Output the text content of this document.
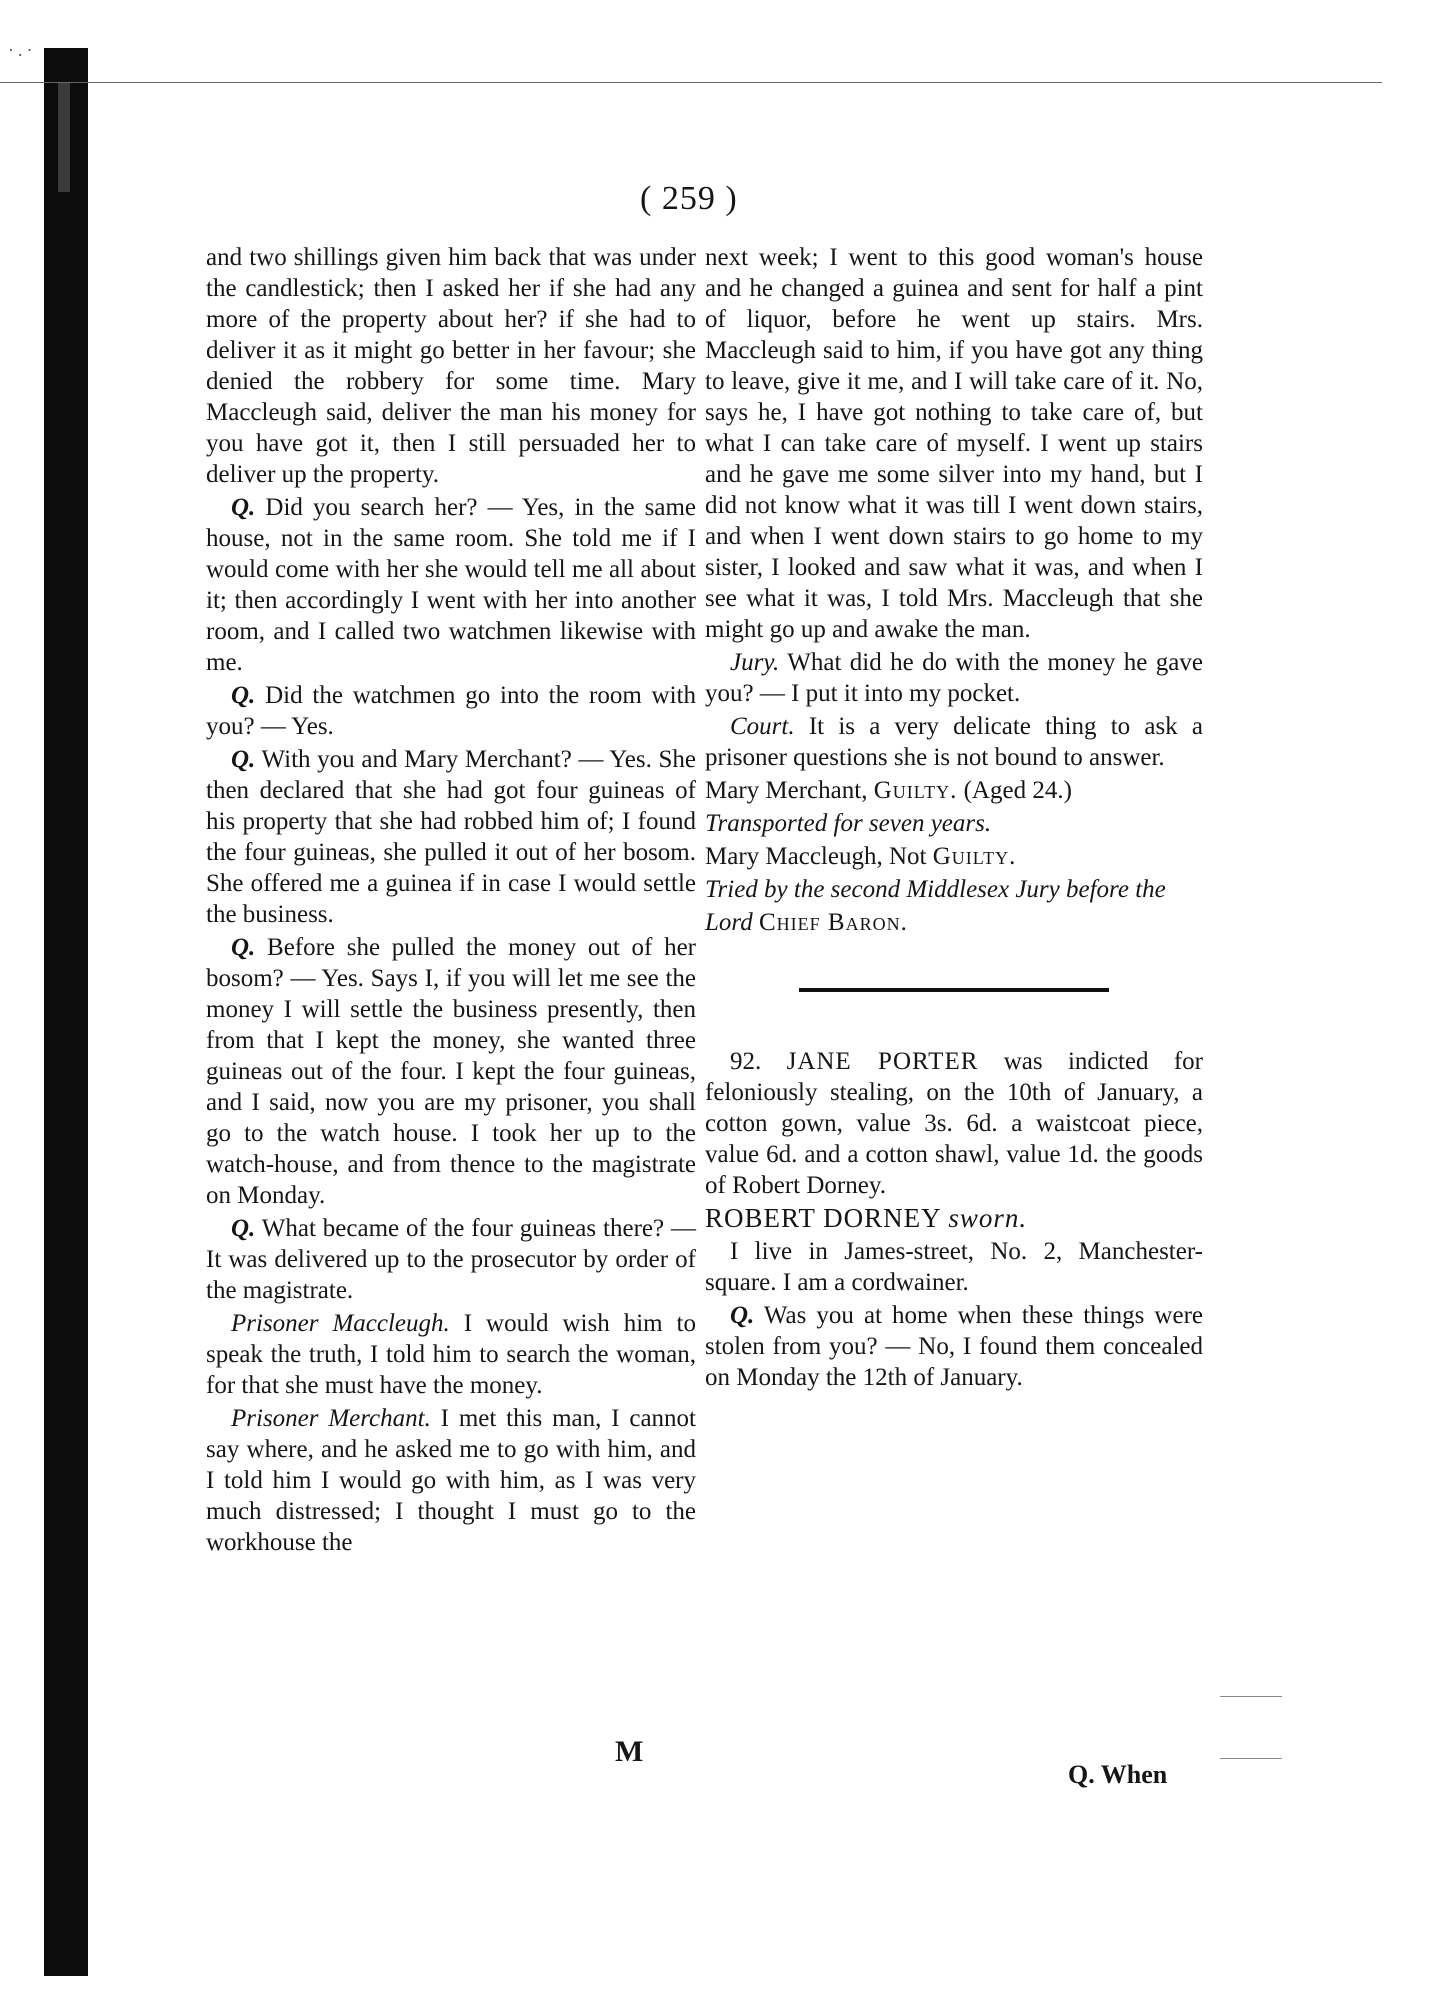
·.·
( 259 )

and two shillings given him back that was under the candlestick; then I asked her if she had any more of the property about her? if she had to deliver it as it might go better in her favour; she denied the robbery for some time. Mary Maccleugh said, deliver the man his money for you have got it, then I still persuaded her to deliver up the property.

 Q. Did you search her? — Yes, in the same house, not in the same room. She told me if I would come with her she would tell me all about it; then accordingly I went with her into another room, and I called two watchmen likewise with me.

 Q. Did the watchmen go into the room with you? — Yes.

 Q. With you and Mary Merchant? — Yes. She then declared that she had got four guineas of his property that she had robbed him of; I found the four guineas, she pulled it out of her bosom. She offered me a guinea if in case I would settle the business.

 Q. Before she pulled the money out of her bosom? — Yes. Says I, if you will let me see the money I will settle the business presently, then from that I kept the money, she wanted three guineas out of the four. I kept the four guineas, and I said, now you are my prisoner, you shall go to the watch house. I took her up to the watch-house, and from thence to the magistrate on Monday.

 Q. What became of the four guineas there? — It was delivered up to the prosecutor by order of the magistrate.

 Prisoner Maccleugh. I would wish him to speak the truth, I told him to search the woman, for that she must have the money.

 Prisoner Merchant. I met this man, I cannot say where, and he asked me to go with him, and I told him I would go with him, as I was very much distressed; I thought I must go to the workhouse the

next week; I went to this good woman's house and he changed a guinea and sent for half a pint of liquor, before he went up stairs. Mrs. Maccleugh said to him, if you have got any thing to leave, give it me, and I will take care of it. No, says he, I have got nothing to take care of, but what I can take care of myself. I went up stairs and he gave me some silver into my hand, but I did not know what it was till I went down stairs, and when I went down stairs to go home to my sister, I looked and saw what it was, and when I see what it was, I told Mrs. Maccleugh that she might go up and awake the man.

 Jury. What did he do with the money he gave you? — I put it into my pocket.

 Court. It is a very delicate thing to ask a prisoner questions she is not bound to answer.

Mary Merchant, Guilty. (Aged 24.)

Transported for seven years.

Mary Maccleugh, Not Guilty.

Tried by the second Middlesex Jury before the

Lord Chief Baron.

 92. JANE PORTER was indicted for feloniously stealing, on the 10th of January, a cotton gown, value 3s. 6d. a waistcoat piece, value 6d. and a cotton shawl, value 1d. the goods of Robert Dorney.

ROBERT DORNEY sworn.

 I live in James-street, No. 2, Manchester-square. I am a cordwainer.

 Q. Was you at home when these things were stolen from you? — No, I found them concealed on Monday the 12th of January.

M
Q. When
